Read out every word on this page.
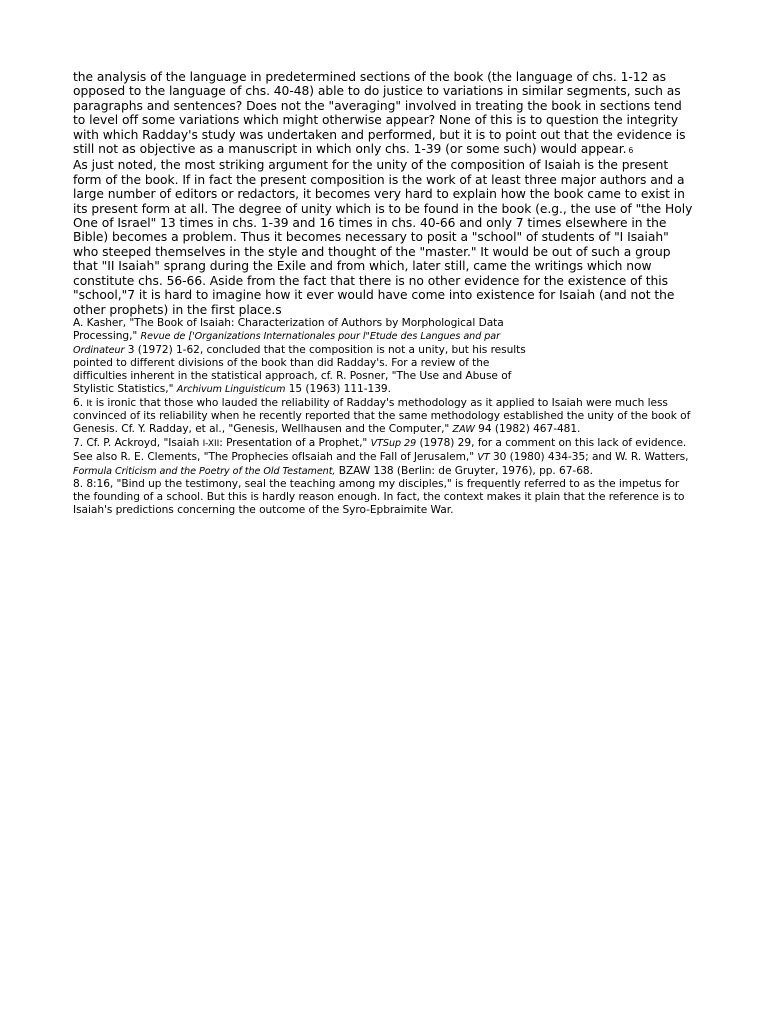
the analysis of the language in predetermined sections of the book (the language of chs. 1-12 as opposed to the language of chs. 40-48) able to do justice to variations in similar segments, such as paragraphs and sentences? Does not the "averaging" involved in treating the book in sections tend to level off some variations which might otherwise appear? None of this is to question the integrity with which Radday's study was undertaken and performed, but it is to point out that the evidence is still not as objective as a manuscript in which only chs. 1-39 (or some such) would appear. 6

As just noted, the most striking argument for the unity of the composition of Isaiah is the present form of the book. If in fact the present composition is the work of at least three major authors and a large number of editors or redactors, it becomes very hard to explain how the book came to exist in its present form at all. The degree of unity which is to be found in the book (e.g., the use of "the Holy One of Israel" 13 times in chs. 1-39 and 16 times in chs. 40-66 and only 7 times elsewhere in the Bible) becomes a problem. Thus it becomes necessary to posit a "school" of students of "I Isaiah" who steeped themselves in the style and thought of the "master." It would be out of such a group that "II Isaiah" sprang during the Exile and from which, later still, came the writings which now constitute chs. 56-66. Aside from the fact that there is no other evidence for the existence of this "school,"7 it is hard to imagine how it ever would have come into existence for Isaiah (and not the other prophets) in the first place.s

A. Kasher, "The Book of Isaiah: Characterization of Authors by Morphological Data Processing," Revue de ['Organizations Internationales pour l"Etude des Langues and par Ordinateur 3 (1972) 1-62, concluded that the composition is not a unity, but his results pointed to different divisions of the book than did Radday's. For a review of the difficulties inherent in the statistical approach, cf. R. Posner, "The Use and Abuse of Stylistic Statistics," Archivum Linguisticum 15 (1963) 111-139.

6. It is ironic that those who lauded the reliability of Radday's methodology as it applied to Isaiah were much less convinced of its reliability when he recently reported that the same methodology established the unity of the book of Genesis. Cf. Y. Radday, et al., "Genesis, Wellhausen and the Computer," ZAW 94 (1982) 467-481.

7. Cf. P. Ackroyd, "Isaiah I-XII: Presentation of a Prophet," VTSup 29 (1978) 29, for a comment on this lack of evidence. See also R. E. Clements, "The Prophecies ofIsaiah and the Fall of Jerusalem," VT 30 (1980) 434-35; and W. R. Watters, Formula Criticism and the Poetry of the Old Testament, BZAW 138 (Berlin: de Gruyter, 1976), pp. 67-68.

8. 8:16, "Bind up the testimony, seal the teaching among my disciples," is frequently referred to as the impetus for the founding of a school. But this is hardly reason enough. In fact, the context makes it plain that the reference is to Isaiah's predictions concerning the outcome of the Syro-Epbraimite War.
